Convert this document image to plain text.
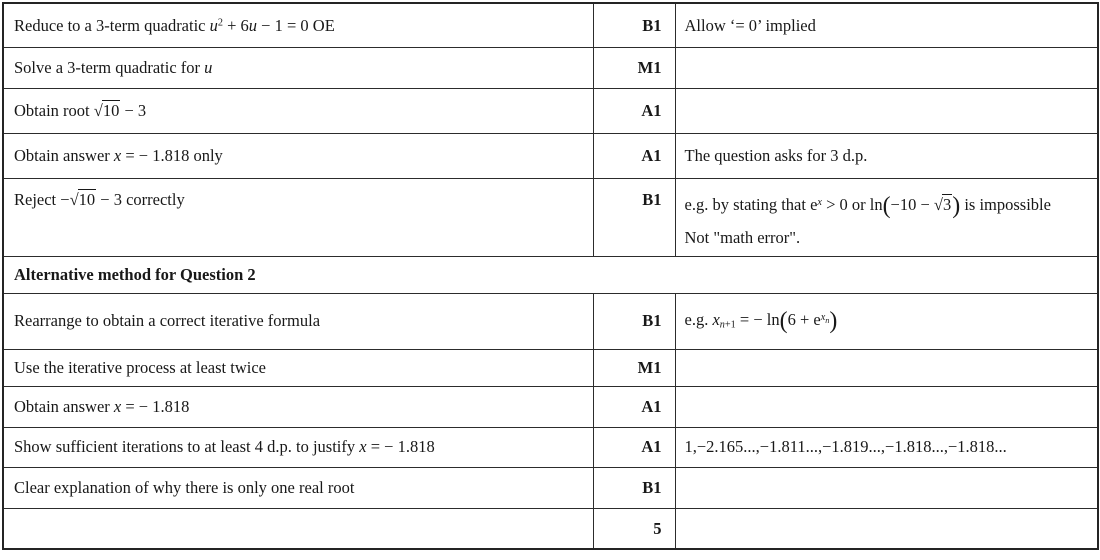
Reduce to a 3-term quadratic $u^2 + 6u - 1 = 0$ OE	B1	Allow ‘= 0’ implied
Solve a 3-term quadratic for u	M1	
Obtain root √10 − 3	A1	
Obtain answer x = − 1.818 only	A1	The question asks for 3 d.p.
Reject −√10 − 3 correctly	B1	e.g. by stating that $e^x > 0$ or ln(−10 − √3) is impossible
Not "math error".
Alternative method for Question 2		
Rearrange to obtain a correct iterative formula	B1	e.g. xn+1 = − $\ln(6 + e^xn)$
Use the iterative process at least twice	M1	
Obtain answer x = − 1.818	A1	
Show sufficient iterations to at least 4 d.p. to justify x = − 1.818	A1	1,−2.165...,−1.811...,−1.819...,−1.818...,−1.818...
Clear explanation of why there is only one real root	B1	
	5	
